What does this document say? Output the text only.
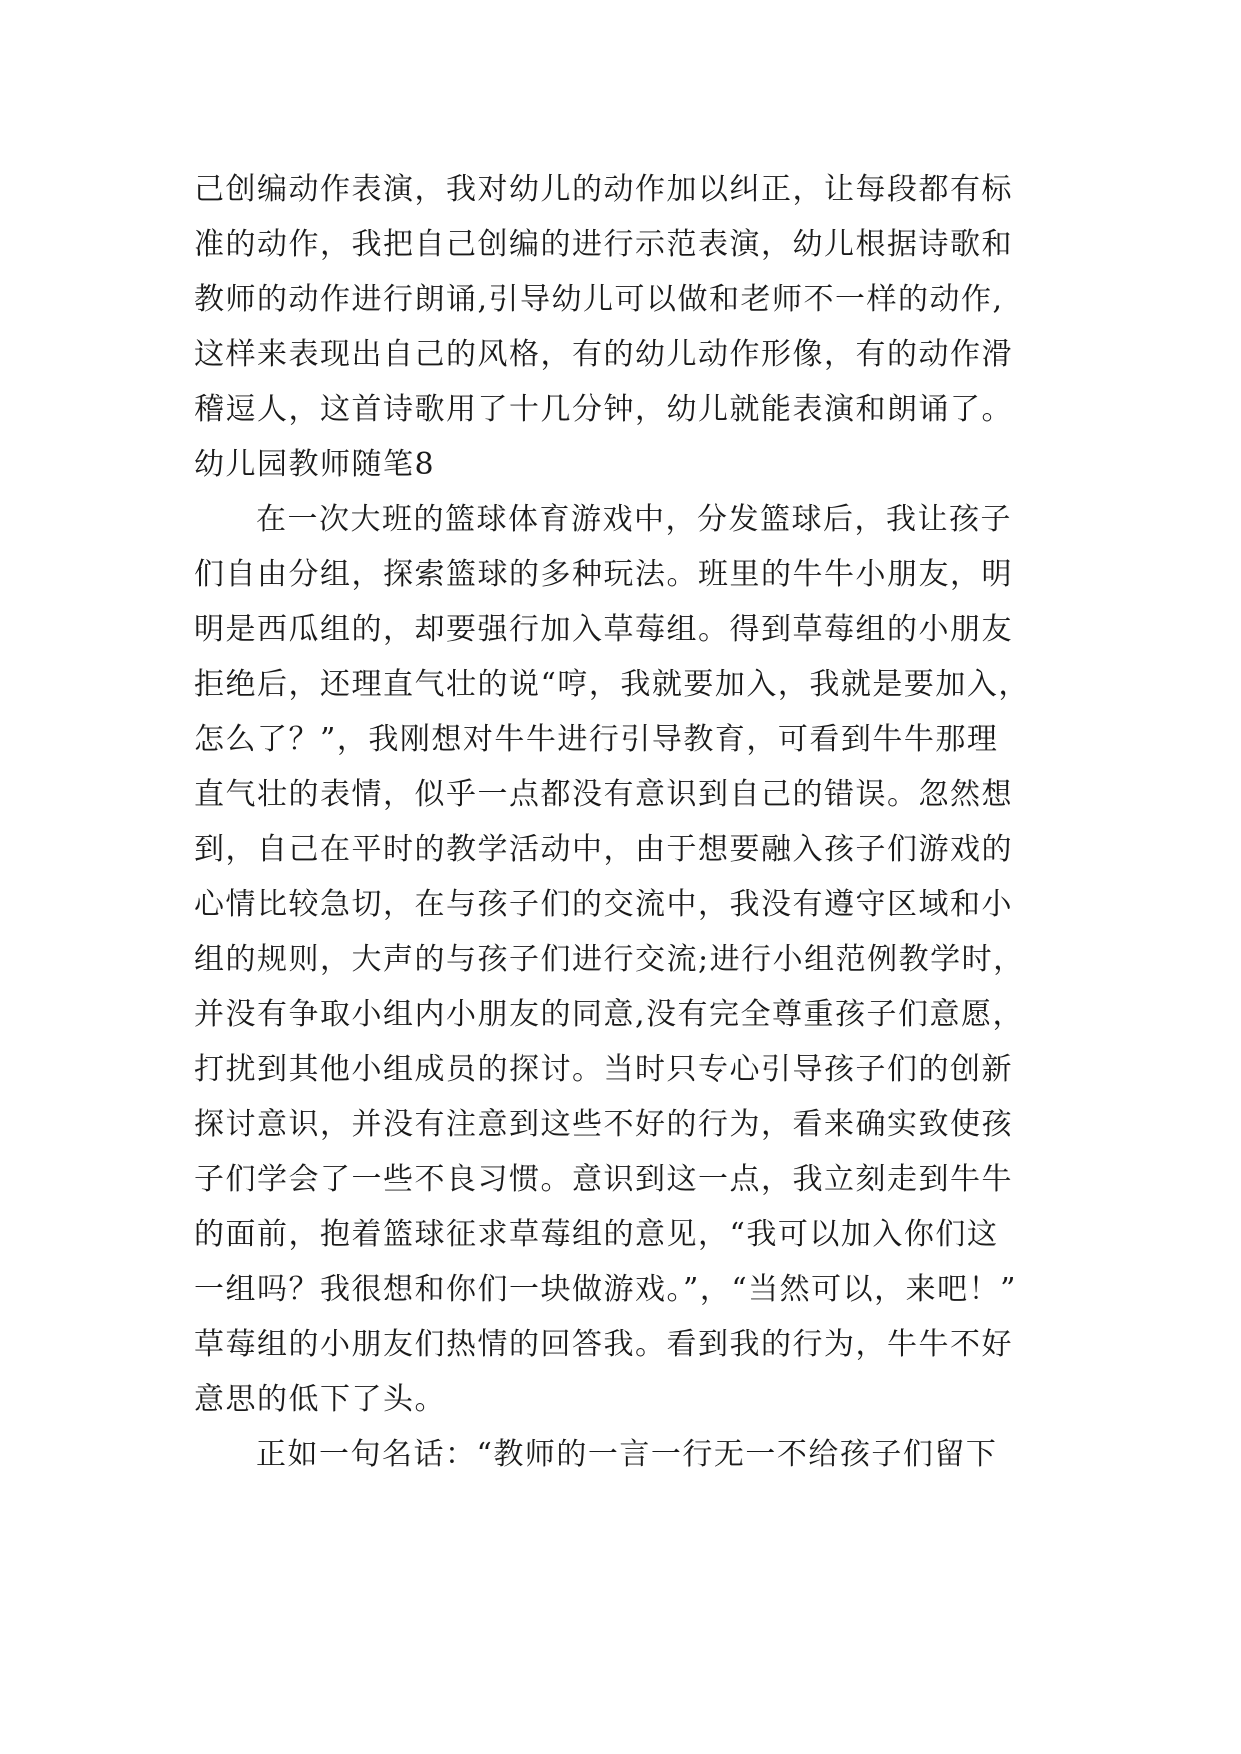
己创编动作表演，我对幼儿的动作加以纠正，让每段都有标
准的动作，我把自己创编的进行示范表演，幼儿根据诗歌和
教师的动作进行朗诵,引导幼儿可以做和老师不一样的动作,
这样来表现出自己的风格，有的幼儿动作形像，有的动作滑
稽逗人，这首诗歌用了十几分钟，幼儿就能表演和朗诵了。
幼儿园教师随笔8
在一次大班的篮球体育游戏中，分发篮球后，我让孩子
们自由分组，探索篮球的多种玩法。班里的牛牛小朋友，明
明是西瓜组的，却要强行加入草莓组。得到草莓组的小朋友
拒绝后，还理直气壮的说“哼，我就要加入，我就是要加入，
怎么了？”，我刚想对牛牛进行引导教育，可看到牛牛那理
直气壮的表情，似乎一点都没有意识到自己的错误。忽然想
到，自己在平时的教学活动中，由于想要融入孩子们游戏的
心情比较急切，在与孩子们的交流中，我没有遵守区域和小
组的规则，大声的与孩子们进行交流;进行小组范例教学时，
并没有争取小组内小朋友的同意,没有完全尊重孩子们意愿，
打扰到其他小组成员的探讨。当时只专心引导孩子们的创新
探讨意识，并没有注意到这些不好的行为，看来确实致使孩
子们学会了一些不良习惯。意识到这一点，我立刻走到牛牛
的面前，抱着篮球征求草莓组的意见，“我可以加入你们这
一组吗？我很想和你们一块做游戏。”，“当然可以，来吧！”
草莓组的小朋友们热情的回答我。看到我的行为，牛牛不好
意思的低下了头。
正如一句名话：“教师的一言一行无一不给孩子们留下
